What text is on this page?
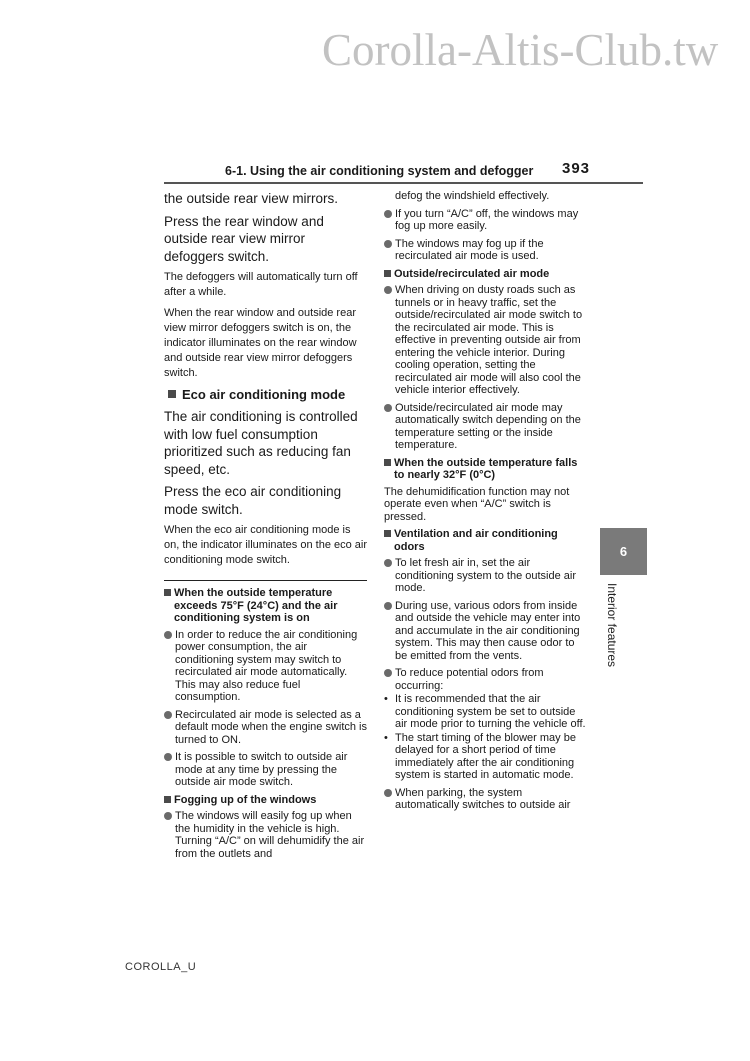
Corolla-Altis-Club.tw
6-1. Using the air conditioning system and defogger 393

the outside rear view mirrors.

Press the rear window and outside rear view mirror defoggers switch.

The defoggers will automatically turn off after a while.

When the rear window and outside rear view mirror defoggers switch is on, the indicator illuminates on the rear window and outside rear view mirror defoggers switch.

Eco air conditioning mode

The air conditioning is controlled with low fuel consumption prioritized such as reducing fan speed, etc.

Press the eco air conditioning mode switch.

When the eco air conditioning mode is on, the indicator illuminates on the eco air conditioning mode switch.

When the outside temperature exceeds 75°F (24°C) and the air conditioning system is on
In order to reduce the air conditioning power consumption, the air conditioning system may switch to recirculated air mode automatically. This may also reduce fuel consumption.
Recirculated air mode is selected as a default mode when the engine switch is turned to ON.
It is possible to switch to outside air mode at any time by pressing the outside air mode switch.
Fogging up of the windows
The windows will easily fog up when the humidity in the vehicle is high. Turning “A/C” on will dehumidify the air from the outlets and

defog the windshield effectively.

If you turn “A/C” off, the windows may fog up more easily.
The windows may fog up if the recirculated air mode is used.
Outside/recirculated air mode
When driving on dusty roads such as tunnels or in heavy traffic, set the outside/recirculated air mode switch to the recirculated air mode. This is effective in preventing outside air from entering the vehicle interior. During cooling operation, setting the recirculated air mode will also cool the vehicle interior effectively.
Outside/recirculated air mode may automatically switch depending on the temperature setting or the inside temperature.
When the outside temperature falls to nearly 32°F (0°C)

The dehumidification function may not operate even when “A/C” switch is pressed.

Ventilation and air conditioning odors
To let fresh air in, set the air conditioning system to the outside air mode.
During use, various odors from inside and outside the vehicle may enter into and accumulate in the air conditioning system. This may then cause odor to be emitted from the vents.
To reduce potential odors from occurring:
• It is recommended that the air conditioning system be set to outside air mode prior to turning the vehicle off.
• The start timing of the blower may be delayed for a short period of time immediately after the air conditioning system is started in automatic mode.
When parking, the system automatically switches to outside air
6
Interior features
COROLLA_U
